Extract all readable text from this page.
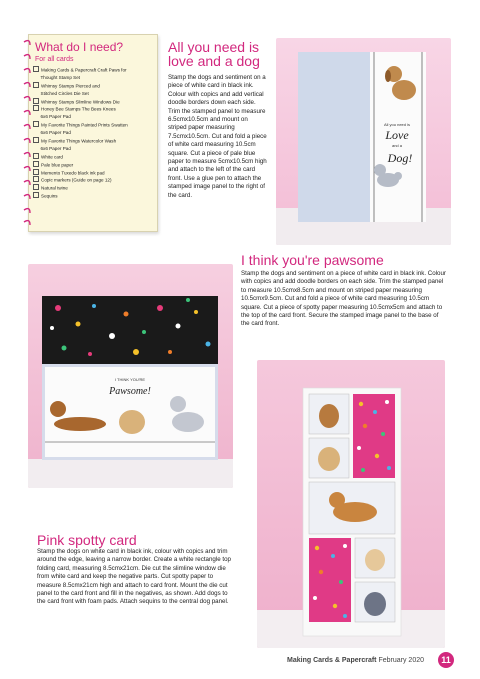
What do I need?
For all cards
Making Cards & Papercraft Craft Paws for
Thought Stamp Set
Whimsy Stamps Pierced and
Stitched Circles Die Set
Whimsy Stamps Slimline Windows Die
Honey Bee Stamps The Bees Knees
6x6 Paper Pad
My Favorite Things Painted Prints Swatten
6x6 Paper Pad
My Favorite Things Watercolor Wash
6x6 Paper Pad
White card
Pale blue paper
Memento Tuxedo black ink pad
Copic markers (Guide on page 12)
Natural twine
Sequins

All you need is

love and a dog

Stamp the dogs and sentiment on a piece of white card in black ink. Colour with copics and add vertical doodle borders down each side. Trim the stamped panel to measure 6.5cmx10.5cm and mount on striped paper measuring 7.5cmx10.5cm. Cut and fold a piece of white card measuring 10.5cm square. Cut a piece of pale blue paper to measure 5cmx10.5cm high and attach to the left of the card front. Use a glue pen to attach the stamped image panel to the right of the card.

All you need is
Love
and a
Dog!

I think you're pawsome

Stamp the dogs and sentiment on a piece of white card in black ink. Colour with copics and add doodle borders on each side. Trim the stamped panel to measure 10.5cmx8.5cm and mount on striped paper measuring 10.5cmx9.5cm. Cut and fold a piece of white card measuring 10.5cm square. Cut a piece of spotty paper measuring 10.5cmx5cm and attach to the top of the card front. Secure the stamped image panel to the base of the card front.

I THINK YOU'RE
Pawsome!

Pink spotty card

Stamp the dogs on white card in black ink, colour with copics and trim around the edge, leaving a narrow border. Create a white rectangle top folding card, measuring 8.5cmx21cm. Die cut the slimline window die from white card and keep the negative parts. Cut spotty paper to measure 8.5cmx21cm high and attach to card front. Mount the die cut panel to the card front and fill in the negatives, as shown. Add dogs to the card front with foam pads. Attach sequins to the central dog panel.

Making Cards & Papercraft February 2020	11
